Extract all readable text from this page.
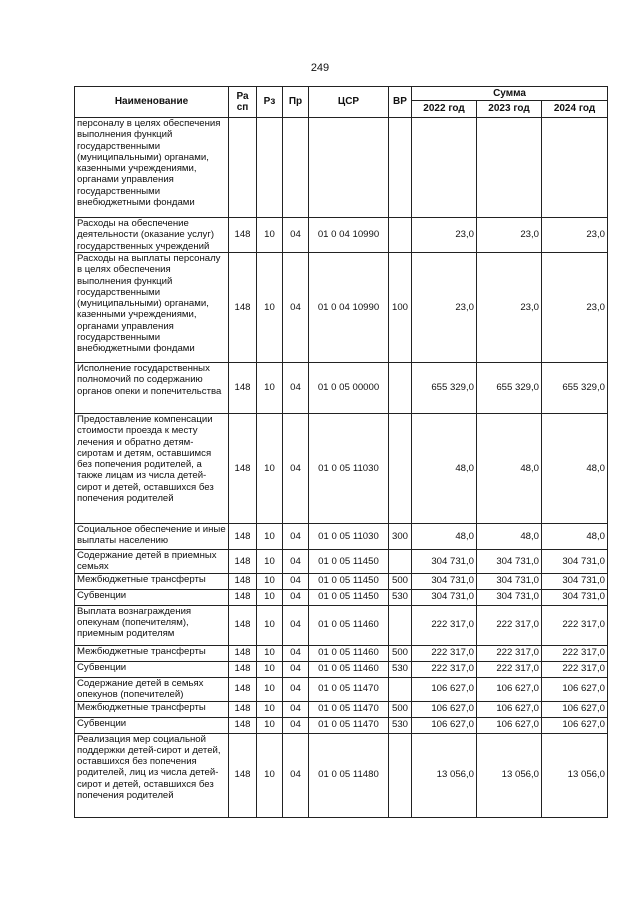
249
Наименование	Ра сп	Рз	Пр	ЦСР	ВР	Сумма		
						2022 год	2023 год	2024 год
персоналу в целях обеспечения выполнения функций государственными (муниципальными) органами, казенными учреждениями, органами управления государственными внебюджетными фондами								
Расходы на обеспечение деятельности (оказание услуг) государственных учреждений	148	10	04	01 0 04 10990		23,0	23,0	23,0
Расходы на выплаты персоналу в целях обеспечения выполнения функций государственными (муниципальными) органами, казенными учреждениями, органами управления государственными внебюджетными фондами	148	10	04	01 0 04 10990	100	23,0	23,0	23,0
Исполнение государственных полномочий по содержанию органов опеки и попечительства	148	10	04	01 0 05 00000		655 329,0	655 329,0	655 329,0
Предоставление компенсации стоимости проезда к месту лечения и обратно детям-сиротам и детям, оставшимся без попечения родителей, а также лицам из числа детей-сирот и детей, оставшихся без попечения родителей	148	10	04	01 0 05 11030		48,0	48,0	48,0
Социальное обеспечение и иные выплаты населению	148	10	04	01 0 05 11030	300	48,0	48,0	48,0
Содержание детей в приемных семьях	148	10	04	01 0 05 11450		304 731,0	304 731,0	304 731,0
Межбюджетные трансферты	148	10	04	01 0 05 11450	500	304 731,0	304 731,0	304 731,0
Субвенции	148	10	04	01 0 05 11450	530	304 731,0	304 731,0	304 731,0
Выплата вознаграждения опекунам (попечителям), приемным родителям	148	10	04	01 0 05 11460		222 317,0	222 317,0	222 317,0
Межбюджетные трансферты	148	10	04	01 0 05 11460	500	222 317,0	222 317,0	222 317,0
Субвенции	148	10	04	01 0 05 11460	530	222 317,0	222 317,0	222 317,0
Содержание детей в семьях опекунов (попечителей)	148	10	04	01 0 05 11470		106 627,0	106 627,0	106 627,0
Межбюджетные трансферты	148	10	04	01 0 05 11470	500	106 627,0	106 627,0	106 627,0
Субвенции	148	10	04	01 0 05 11470	530	106 627,0	106 627,0	106 627,0
Реализация мер социальной поддержки детей-сирот и детей, оставшихся без попечения родителей, лиц из числа детей-сирот и детей, оставшихся без попечения родителей	148	10	04	01 0 05 11480		13 056,0	13 056,0	13 056,0
